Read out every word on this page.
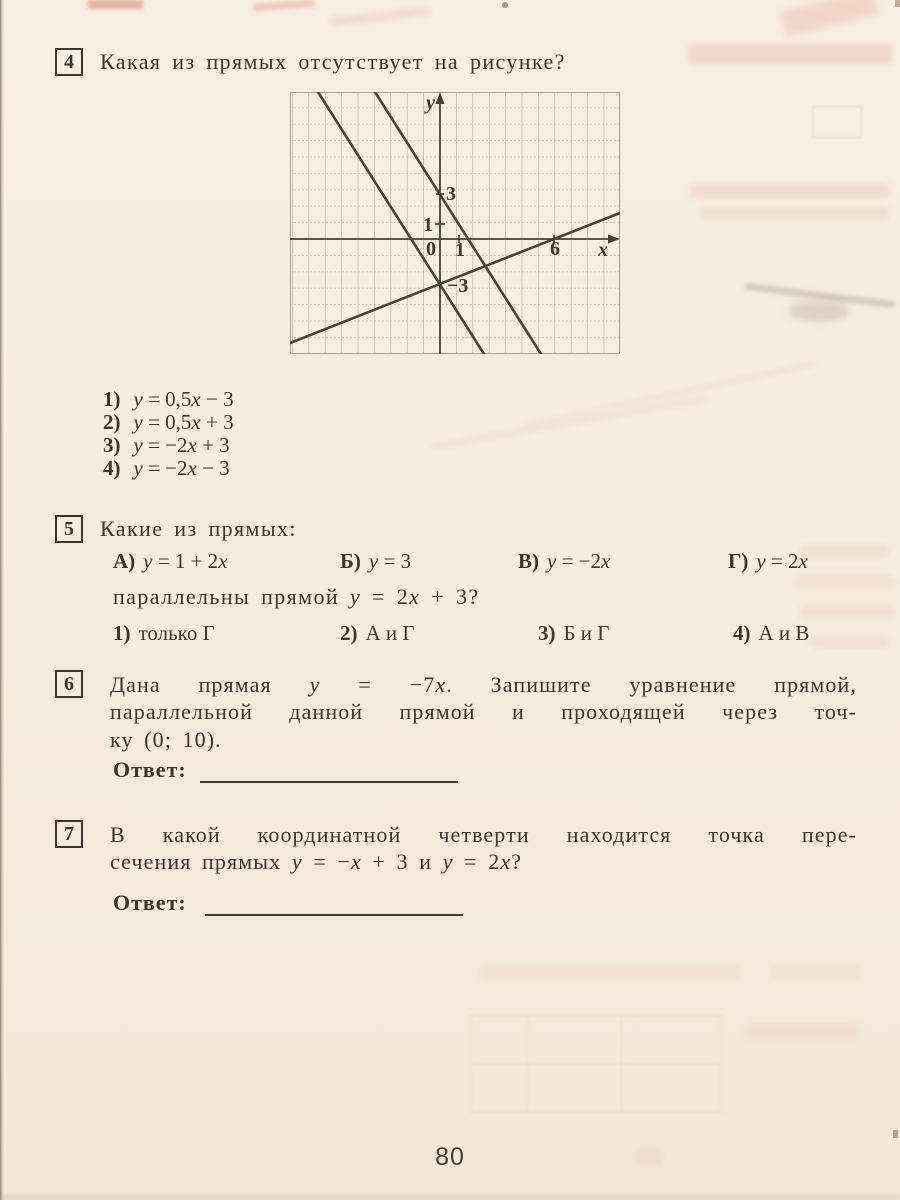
4 Какая из прямых отсутствует на рисунке?
y
x
0 1	6
1
3
−3
1) y = 0,5x − 3
2) y = 0,5x + 3
3) y = −2x + 3
4) y = −2x − 3
5 Какие из прямых:
А) y = 1 + 2x	Б) y = 3	В) y = −2x	Г) y = 2x
параллельны прямой y = 2x + 3?
1) только Г	2) А и Г	3) Б и Г	4) А и В
6 Дана прямая y = −7x. Запишите уравнение прямой,
параллельной данной прямой и проходящей через точ-
ку (0; 10).
Ответ:
7 В какой координатной четверти находится точка пере-
сечения прямых y = −x + 3 и y = 2x?
Ответ:
80
